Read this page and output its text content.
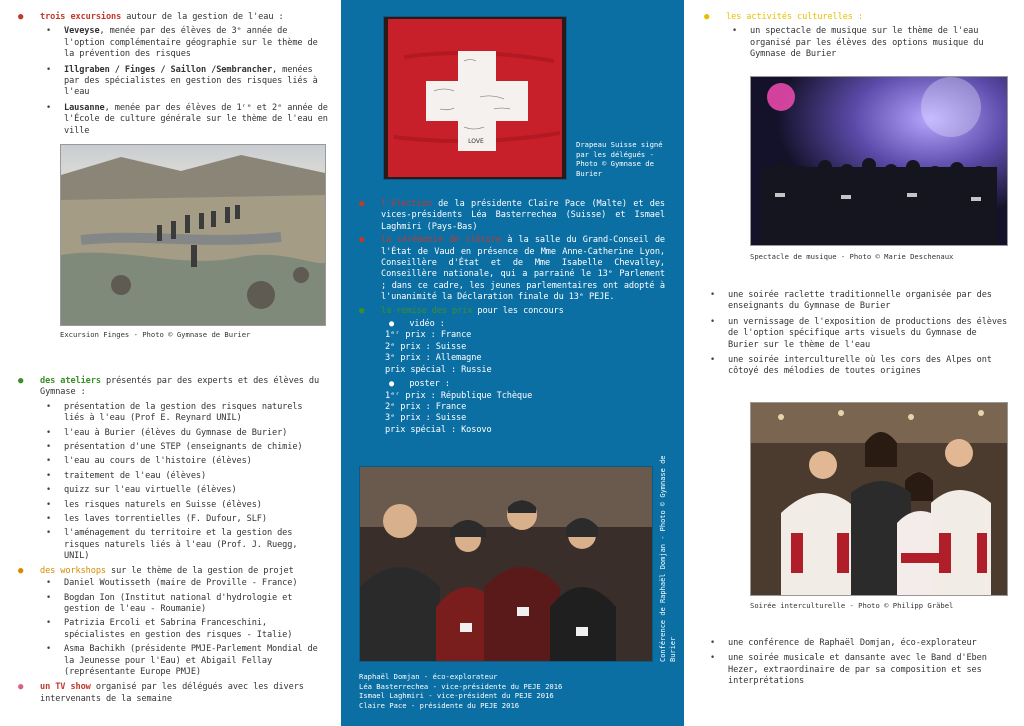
● trois excursions autour de la gestion de l'eau :
• Veveyse, menée par des élèves de 3ᵉ année de l'option complémentaire géographie sur le thème de la prévention des risques
• Illgraben / Finges / Saillon /Sembrancher, menées par des spécialistes en gestion des risques liés à l'eau
• Lausanne, menée par des élèves de 1ʳᵉ et 2ᵉ année de l'École de culture générale sur le thème de l'eau en ville
Excursion Finges - Photo © Gymnase de Burier
● des ateliers présentés par des experts et des élèves du Gymnase :
• présentation de la gestion des risques naturels liés à l'eau (Prof E. Reynard UNIL)
• l'eau à Burier (élèves du Gymnase de Burier)
• présentation d'une STEP (enseignants de chimie)
• l'eau au cours de l'histoire (élèves)
• traitement de l'eau (élèves)
• quizz sur l'eau virtuelle (élèves)
• les risques naturels en Suisse (élèves)
• les laves torrentielles (F. Dufour, SLF)
• l'aménagement du territoire et la gestion des risques naturels liés à l'eau (Prof. J. Ruegg, UNIL)
● des workshops sur le thème de la gestion de projet
• Daniel Woutisseth (maire de Proville - France)
• Bogdan Ion (Institut national d'hydrologie et gestion de l'eau - Roumanie)
• Patrizia Ercoli et Sabrina Franceschini, spécialistes en gestion des risques - Italie)
• Asma Bachikh (présidente PMJE-Parlement Mondial de la Jeunesse pour l'Eau) et Abigail Fellay (représentante Europe PMJE)
● un TV show organisé par les délégués avec les divers intervenants de la semaine
LOVE	Drapeau Suisse signé par les délégués - Photo © Gymnase de Burier
● l'élection de la présidente Claire Pace (Malte) et des vices-présidents Léa Basterrechea (Suisse) et Ismael Laghmiri (Pays-Bas)
● la cérémonie de clôture à la salle du Grand-Conseil de l'État de Vaud en présence de Mme Anne-Catherine Lyon, Conseillère d'État et de Mme Isabelle Chevalley, Conseillère nationale, qui a parrainé le 13ᵉ Parlement ; dans ce cadre, les jeunes parlementaires ont adopté à l'unanimité la Déclaration finale du 13ᵉ PEJE.
● la remise des prix pour les concours
● vidéo :
1ᵉʳ prix : France
2ᵉ prix : Suisse
3ᵉ prix : Allemagne
prix spécial : Russie
● poster :
1ᵉʳ prix : République Tchèque
2ᵉ prix : France
3ᵉ prix : Suisse
prix spécial : Kosovo
Conférence de Raphaël Domjan - Photo © Gymnase de Burier
Raphaël Domjan - éco-explorateur
Léa Basterrechea - vice-présidente du PEJE 2016
Ismael Laghmiri - vice-président du PEJE 2016
Claire Pace - présidente du PEJE 2016
● les activités culturelles :
• un spectacle de musique sur le thème de l'eau organisé par les élèves des options musique du Gymnase de Burier
Spectacle de musique - Photo © Marie Deschenaux
• une soirée raclette traditionnelle organisée par des enseignants du Gymnase de Burier
• un vernissage de l'exposition de productions des élèves de l'option spécifique arts visuels du Gymnase de Burier sur le thème de l'eau
• une soirée interculturelle où les cors des Alpes ont côtoyé des mélodies de toutes origines
Soirée interculturelle - Photo © Philipp Gräbel
• une conférence de Raphaël Domjan, éco-explorateur
• une soirée musicale et dansante avec le Band d'Eben Hezer, extraordinaire de par sa composition et ses interprétations
